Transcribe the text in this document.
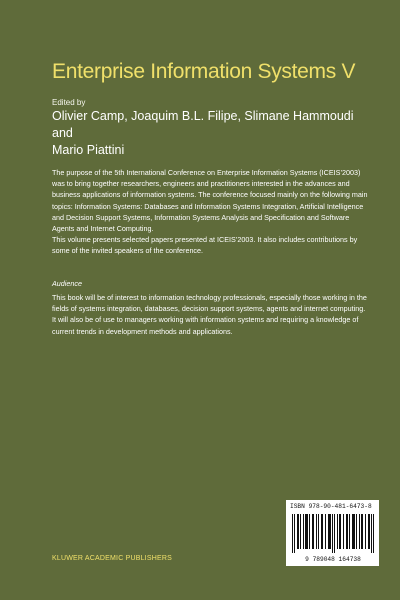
Enterprise Information Systems V
Edited by
Olivier Camp, Joaquim B.L. Filipe, Slimane Hammoudi and
Mario Piattini

The purpose of the 5th International Conference on Enterprise Information Systems (ICEIS’2003) was to bring together researchers, engineers and practitioners interested in the advances and business applications of information systems. The conference focused mainly on the following main topics: Information Systems: Databases and Information Systems Integration, Artificial Intelligence and Decision Support Systems, Information Systems Analysis and Specification and Software Agents and Internet Computing.

This volume presents selected papers presented at ICEIS’2003. It also includes contributions by some of the invited speakers of the conference.

Audience
This book will be of interest to information technology professionals, especially those working in the fields of systems integration, databases, decision support systems, agents and internet computing. It will also be of use to managers working with information systems and requiring a knowledge of current trends in development methods and applications.
ISBN 978-90-481-6473-8
9 789048 164738
KLUWER ACADEMIC PUBLISHERS
